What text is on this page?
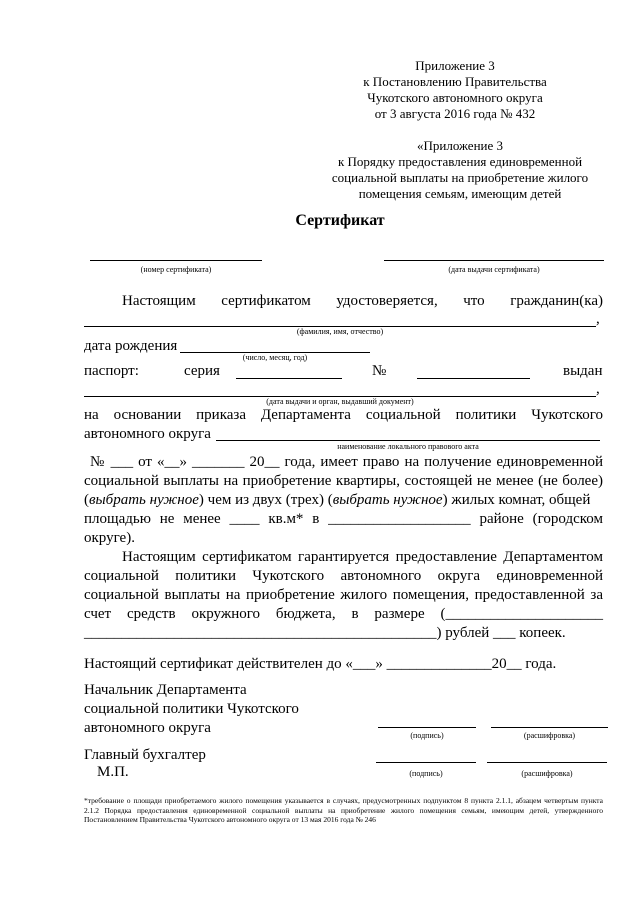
Приложение 3
к Постановлению Правительства
Чукотского автономного округа
от 3 августа 2016 года № 432
«Приложение 3
к Порядку предоставления единовременной
социальной выплаты на приобретение жилого
помещения семьям, имеющим детей
Сертификат
(номер сертификата)	(дата выдачи сертификата)
Настоящим сертификатом удостоверяется, что гражданин(ка)
,
(фамилия, имя, отчество)
дата рождения
(число, месяц, год)
паспорт:	серия	№	выдан
,
(дата выдачи и орган, выдавший документ)
на основании приказа Департамента социальной политики Чукотского
автономного округа
наименование локального правового акта
№ ___ от «__» _______ 20__ года, имеет право на получение единовременной
социальной выплаты на приобретение квартиры, состоящей не менее (не более)
(выбрать нужное) чем из двух (трех) (выбрать нужное) жилых комнат, общей
площадью не менее ____ кв.м* в ___________________ районе (городском
округе).
Настоящим сертификатом гарантируется предоставление Департаментом
социальной политики Чукотского автономного округа единовременной
социальной выплаты на приобретение жилого помещения, предоставленной за
счет средств окружного бюджета, в размере (_____________________
_______________________________________________) рублей ___ копеек.
Настоящий сертификат действителен до «___» ______________20__ года.
Начальник Департамента
социальной политики Чукотского
автономного округа	(подпись)	(расшифровка)
Главный бухгалтер
М.П.	(подпись)	(расшифровка)
*требование о площади приобретаемого жилого помещения указывается в случаях, предусмотренных подпунктом 8 пункта 2.1.1, абзацем четвертым пункта 2.1.2 Порядка предоставления единовременной социальной выплаты на приобретение жилого помещения семьям, имеющим детей, утвержденного Постановлением Правительства Чукотского автономного округа от 13 мая 2016 года № 246
